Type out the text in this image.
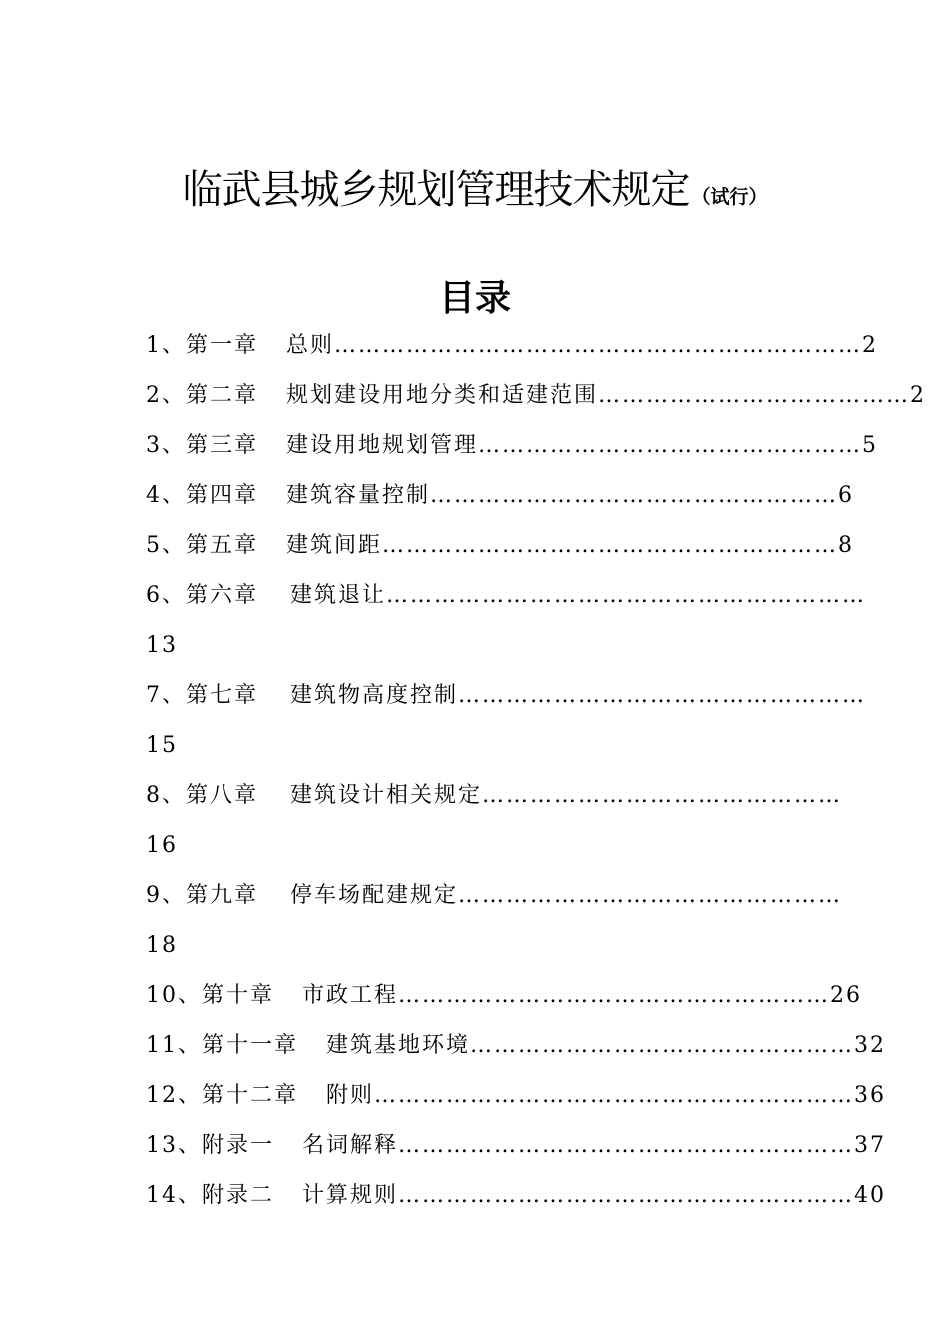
临武县城乡规划管理技术规定 （试行）
目录
1、第一章 总则…………………………………………………………2
2、第二章 规划建设用地分类和适建范围…………………………………2
3、第三章 建设用地规划管理…………………………………………5
4、第四章 建筑容量控制……………………………………………6
5、第五章 建筑间距…………………………………………………8
6、第六章 建筑退让……………………………………………………
13
7、第七章 建筑物高度控制……………………………………………
15
8、第八章 建筑设计相关规定………………………………………
16
9、第九章 停车场配建规定…………………………………………
18
10、第十章 市政工程………………………………………………26
11、第十一章 建筑基地环境…………………………………………32
12、第十二章 附则……………………………………………………36
13、附录一 名词解释…………………………………………………37
14、附录二 计算规则…………………………………………………40
